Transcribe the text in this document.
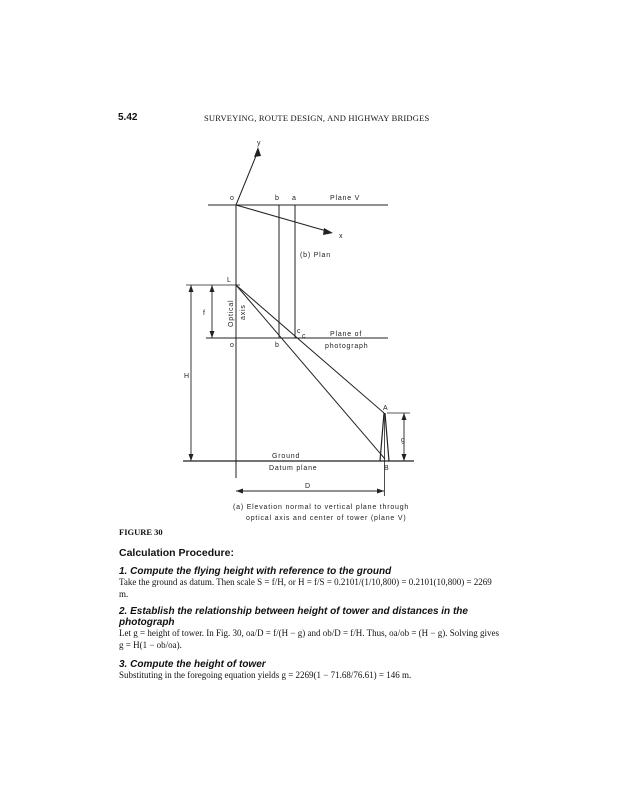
5.42	SURVEYING, ROUTE DESIGN, AND HIGHWAY BRIDGES
y
x
o	b a	Plane V
(b) Plan
L
Optical axis
f
c
o	b
c	Plane of
photograph
H
A
g
Ground
Datum plane	B
D
(a) Elevation normal to vertical plane through
optical axis and center of tower (plane V)
FIGURE 30
Calculation Procedure:
1. Compute the flying height with reference to the ground
Take the ground as datum. Then scale S = f/H, or H = f/S = 0.2101/(1/10,800) = 0.2101(10,800) = 2269 m.
2. Establish the relationship between height of tower and distances in the photograph
Let g = height of tower. In Fig. 30, oa/D = f/(H − g) and ob/D = f/H. Thus, oa/ob = (H − g). Solving gives g = H(1 − ob/oa).
3. Compute the height of tower
Substituting in the foregoing equation yields g = 2269(1 − 71.68/76.61) = 146 m.
